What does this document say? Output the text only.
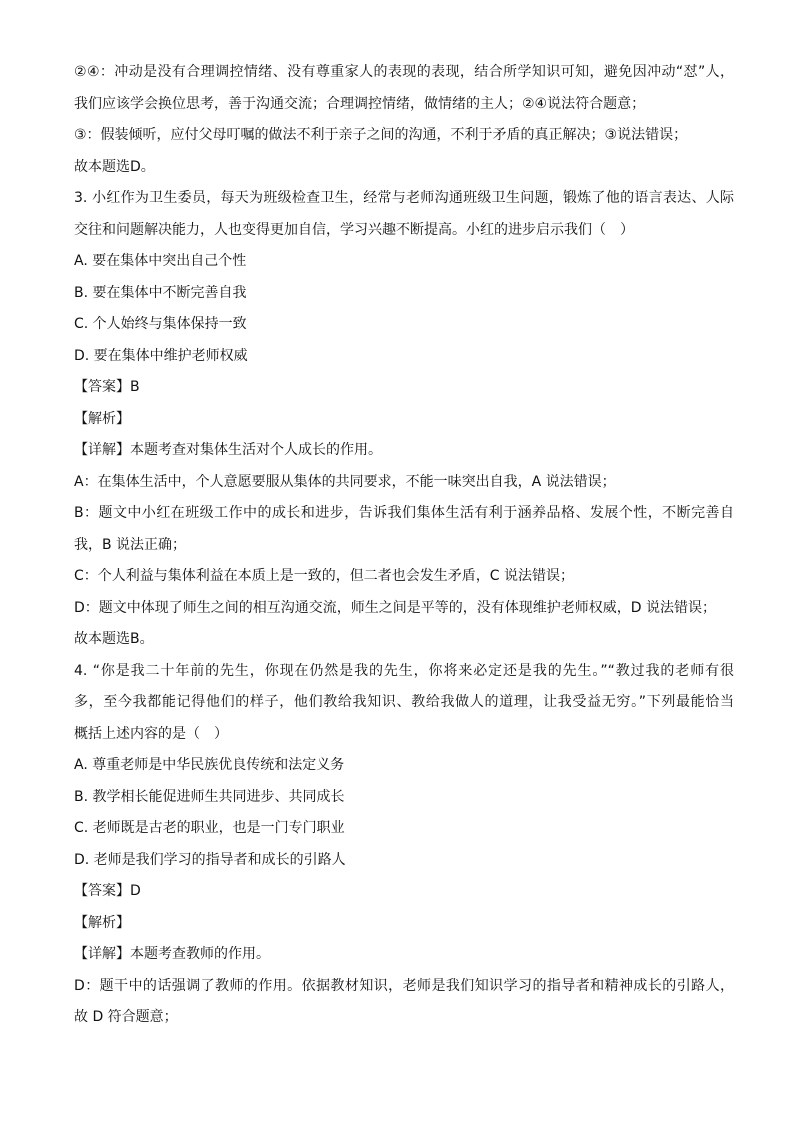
②④：冲动是没有合理调控情绪、没有尊重家人的表现的表现，结合所学知识可知，避免因冲动“怼”人，

我们应该学会换位思考，善于沟通交流；合理调控情绪，做情绪的主人；②④说法符合题意；

③：假装倾听，应付父母叮嘱的做法不利于亲子之间的沟通，不利于矛盾的真正解决；③说法错误；

故本题选D。

3. 小红作为卫生委员，每天为班级检查卫生，经常与老师沟通班级卫生问题，锻炼了他的语言表达、人际

交往和问题解决能力，人也变得更加自信，学习兴趣不断提高。小红的进步启示我们（　）

A. 要在集体中突出自己个性

B. 要在集体中不断完善自我

C. 个人始终与集体保持一致

D. 要在集体中维护老师权威

【答案】B

【解析】

【详解】本题考查对集体生活对个人成长的作用。

A：在集体生活中，个人意愿要服从集体的共同要求，不能一味突出自我，A 说法错误；

B：题文中小红在班级工作中的成长和进步，告诉我们集体生活有利于涵养品格、发展个性，不断完善自

我，B 说法正确；

C：个人利益与集体利益在本质上是一致的，但二者也会发生矛盾，C 说法错误；

D：题文中体现了师生之间的相互沟通交流，师生之间是平等的，没有体现维护老师权威，D 说法错误；

故本题选B。

4. “你是我二十年前的先生，你现在仍然是我的先生，你将来必定还是我的先生。”“教过我的老师有很

多，至今我都能记得他们的样子，他们教给我知识、教给我做人的道理，让我受益无穷。”下列最能恰当

概括上述内容的是（　）

A. 尊重老师是中华民族优良传统和法定义务

B. 教学相长能促进师生共同进步、共同成长

C. 老师既是古老的职业，也是一门专门职业

D. 老师是我们学习的指导者和成长的引路人

【答案】D

【解析】

【详解】本题考查教师的作用。

D：题干中的话强调了教师的作用。依据教材知识，老师是我们知识学习的指导者和精神成长的引路人，

故 D 符合题意；
